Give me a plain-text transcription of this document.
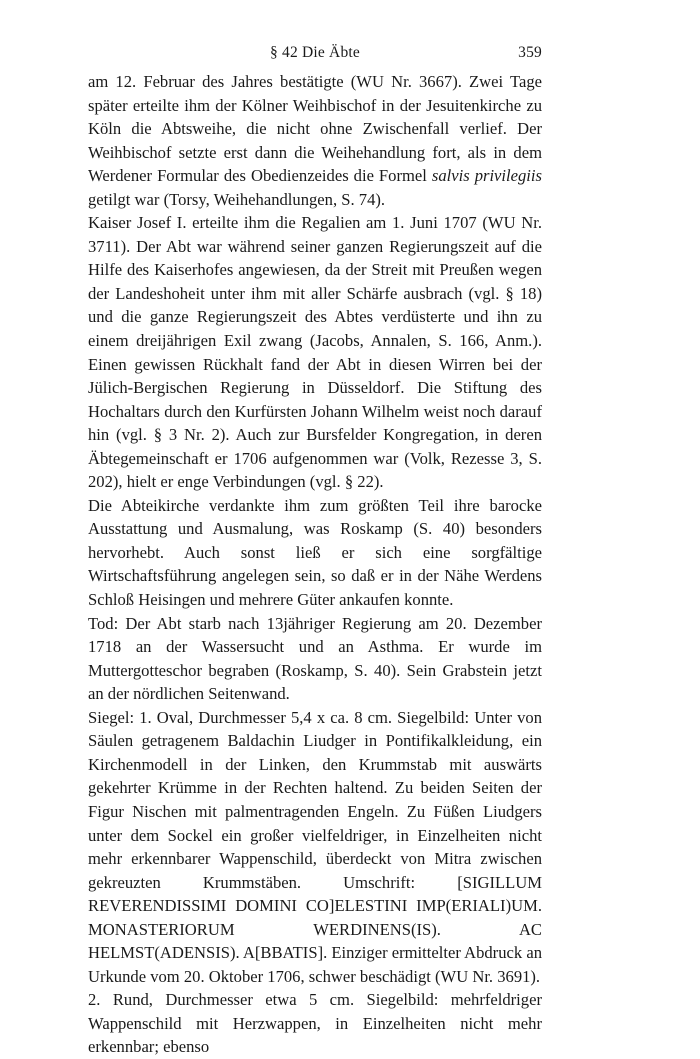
§ 42 Die Äbte	359

am 12. Februar des Jahres bestätigte (WU Nr. 3667). Zwei Tage später erteilte ihm der Kölner Weihbischof in der Jesuitenkirche zu Köln die Abtsweihe, die nicht ohne Zwischenfall verlief. Der Weihbischof setzte erst dann die Weihehandlung fort, als in dem Werdener Formular des Obedienzeides die Formel salvis privilegiis getilgt war (Torsy, Weihehandlungen, S. 74).

Kaiser Josef I. erteilte ihm die Regalien am 1. Juni 1707 (WU Nr. 3711). Der Abt war während seiner ganzen Regierungszeit auf die Hilfe des Kaiserhofes angewiesen, da der Streit mit Preußen wegen der Landeshoheit unter ihm mit aller Schärfe ausbrach (vgl. § 18) und die ganze Regierungszeit des Abtes verdüsterte und ihn zu einem dreijährigen Exil zwang (Jacobs, Annalen, S. 166, Anm.). Einen gewissen Rückhalt fand der Abt in diesen Wirren bei der Jülich-Bergischen Regierung in Düsseldorf. Die Stiftung des Hochaltars durch den Kurfürsten Johann Wilhelm weist noch darauf hin (vgl. § 3 Nr. 2). Auch zur Bursfelder Kongregation, in deren Äbtegemeinschaft er 1706 aufgenommen war (Volk, Rezesse 3, S. 202), hielt er enge Verbindungen (vgl. § 22).

Die Abteikirche verdankte ihm zum größten Teil ihre barocke Ausstattung und Ausmalung, was Roskamp (S. 40) besonders hervorhebt. Auch sonst ließ er sich eine sorgfältige Wirtschaftsführung angelegen sein, so daß er in der Nähe Werdens Schloß Heisingen und mehrere Güter ankaufen konnte.

Tod: Der Abt starb nach 13jähriger Regierung am 20. Dezember 1718 an der Wassersucht und an Asthma. Er wurde im Muttergotteschor begraben (Roskamp, S. 40). Sein Grabstein jetzt an der nördlichen Seitenwand.

Siegel: 1. Oval, Durchmesser 5,4 x ca. 8 cm. Siegelbild: Unter von Säulen getragenem Baldachin Liudger in Pontifikalkleidung, ein Kirchenmodell in der Linken, den Krummstab mit auswärts gekehrter Krümme in der Rechten haltend. Zu beiden Seiten der Figur Nischen mit palmentragenden Engeln. Zu Füßen Liudgers unter dem Sockel ein großer vielfeldriger, in Einzelheiten nicht mehr erkennbarer Wappenschild, überdeckt von Mitra zwischen gekreuzten Krummstäben. Umschrift: [SIGILLUM REVERENDISSIMI DOMINI CO]ELESTINI IMP(ERIALI)UM. MONASTERIORUM WERDINENS(IS). AC HELMST(ADENSIS). A[BBATIS]. Einziger ermittelter Abdruck an Urkunde vom 20. Oktober 1706, schwer beschädigt (WU Nr. 3691).

2. Rund, Durchmesser etwa 5 cm. Siegelbild: mehrfeldriger Wappenschild mit Herzwappen, in Einzelheiten nicht mehr erkennbar; ebenso
